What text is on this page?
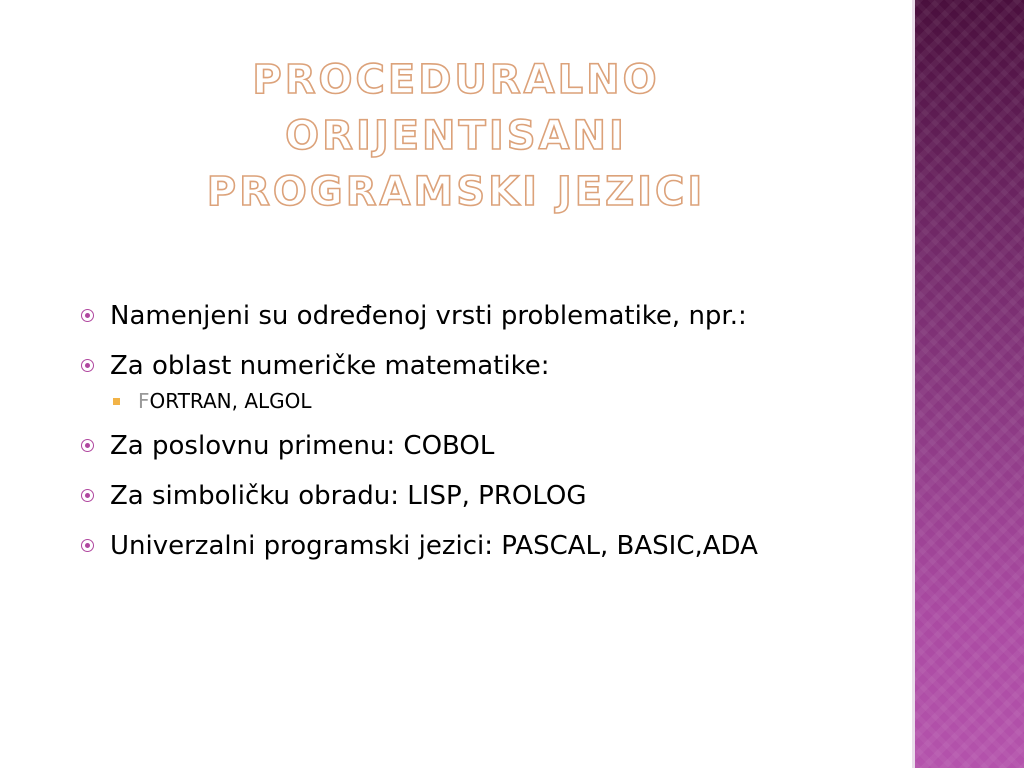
PROCEDURALNO ORIJENTISANI
PROGRAMSKI JEZICI
Namenjeni su određenoj vrsti problematike, npr.:
Za oblast numeričke matematike:
FORTRAN, ALGOL
Za poslovnu primenu: COBOL
Za simboličku obradu: LISP, PROLOG
Univerzalni programski jezici: PASCAL, BASIC,ADA
